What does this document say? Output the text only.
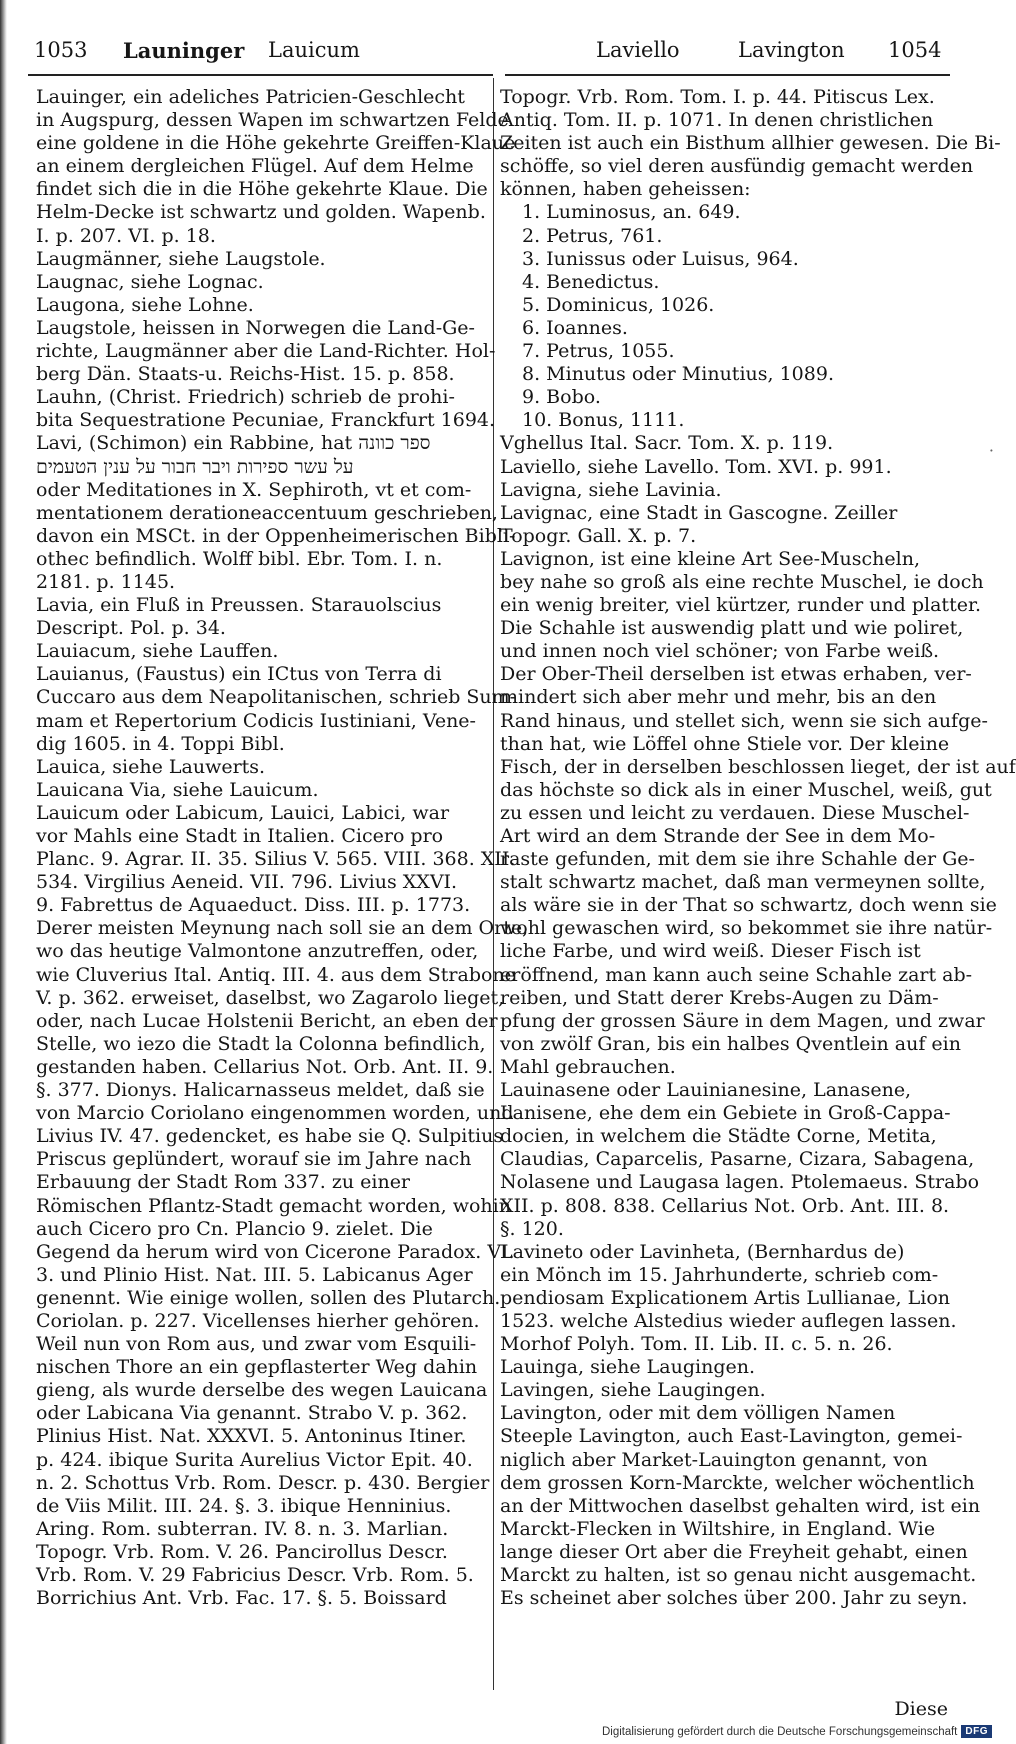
1053 Launinger Lauicum	Laviello	Lavington 1054
Lauinger, ein adeliches Patricien-Geschlecht
in Augspurg, dessen Wapen im schwartzen Felde
eine goldene in die Höhe gekehrte Greiffen-Klaue
an einem dergleichen Flügel. Auf dem Helme
findet sich die in die Höhe gekehrte Klaue. Die
Helm-Decke ist schwartz und golden. Wapenb.
I. p. 207. VI. p. 18.
Laugmänner, siehe Laugstole.
Laugnac, siehe Lognac.
Laugona, siehe Lohne.
Laugstole, heissen in Norwegen die Land-Ge-
richte, Laugmänner aber die Land-Richter. Hol-
berg Dän. Staats-u. Reichs-Hist. 15. p. 858.
Lauhn, (Christ. Friedrich) schrieb de prohi-
bita Sequestratione Pecuniae, Franckfurt 1694.
Lavi, (Schimon) ein Rabbine, hat ספר כוונה
על עשר ספירות ויבר חבור על ענין הטעמים
oder Meditationes in X. Sephiroth, vt et com-
mentationem derationeaccentuum geschrieben,
davon ein MSCt. in der Oppenheimerischen Bibli-
othec befindlich. Wolff bibl. Ebr. Tom. I. n.
2181. p. 1145.
Lavia, ein Fluß in Preussen. Starauolscius
Descript. Pol. p. 34.
Lauiacum, siehe Lauffen.
Lauianus, (Faustus) ein ICtus von Terra di
Cuccaro aus dem Neapolitanischen, schrieb Sum-
mam et Repertorium Codicis Iustiniani, Vene-
dig 1605. in 4. Toppi Bibl.
Lauica, siehe Lauwerts.
Lauicana Via, siehe Lauicum.
Lauicum oder Labicum, Lauici, Labici, war
vor Mahls eine Stadt in Italien. Cicero pro
Planc. 9. Agrar. II. 35. Silius V. 565. VIII. 368. XII.
534. Virgilius Aeneid. VII. 796. Livius XXVI.
9. Fabrettus de Aquaeduct. Diss. III. p. 1773.
Derer meisten Meynung nach soll sie an dem Orte,
wo das heutige Valmontone anzutreffen, oder,
wie Cluverius Ital. Antiq. III. 4. aus dem Strabone
V. p. 362. erweiset, daselbst, wo Zagarolo lieget,
oder, nach Lucae Holstenii Bericht, an eben der
Stelle, wo iezo die Stadt la Colonna befindlich,
gestanden haben. Cellarius Not. Orb. Ant. II. 9.
§. 377. Dionys. Halicarnasseus meldet, daß sie
von Marcio Coriolano eingenommen worden, und
Livius IV. 47. gedencket, es habe sie Q. Sulpitius
Priscus geplündert, worauf sie im Jahre nach
Erbauung der Stadt Rom 337. zu einer
Römischen Pflantz-Stadt gemacht worden, wohin
auch Cicero pro Cn. Plancio 9. zielet. Die
Gegend da herum wird von Cicerone Paradox. VI.
3. und Plinio Hist. Nat. III. 5. Labicanus Ager
genennt. Wie einige wollen, sollen des Plutarch.
Coriolan. p. 227. Vicellenses hierher gehören.
Weil nun von Rom aus, und zwar vom Esquili-
nischen Thore an ein gepflasterter Weg dahin
gieng, als wurde derselbe des wegen Lauicana
oder Labicana Via genannt. Strabo V. p. 362.
Plinius Hist. Nat. XXXVI. 5. Antoninus Itiner.
p. 424. ibique Surita Aurelius Victor Epit. 40.
n. 2. Schottus Vrb. Rom. Descr. p. 430. Bergier
de Viis Milit. III. 24. §. 3. ibique Henninius.
Aring. Rom. subterran. IV. 8. n. 3. Marlian.
Topogr. Vrb. Rom. V. 26. Pancirollus Descr.
Vrb. Rom. V. 29 Fabricius Descr. Vrb. Rom. 5.
Borrichius Ant. Vrb. Fac. 17. §. 5. Boissard
Topogr. Vrb. Rom. Tom. I. p. 44. Pitiscus Lex.
Antiq. Tom. II. p. 1071. In denen christlichen
Zeiten ist auch ein Bisthum allhier gewesen. Die Bi-
schöffe, so viel deren ausfündig gemacht werden
können, haben geheissen:
1. Luminosus, an. 649.
2. Petrus, 761.
3. Iunissus oder Luisus, 964.
4. Benedictus.
5. Dominicus, 1026.
6. Ioannes.
7. Petrus, 1055.
8. Minutus oder Minutius, 1089.
9. Bobo.
10. Bonus, 1111.
Vghellus Ital. Sacr. Tom. X. p. 119.
Laviello, siehe Lavello. Tom. XVI. p. 991.
Lavigna, siehe Lavinia.
Lavignac, eine Stadt in Gascogne. Zeiller
Topogr. Gall. X. p. 7.
Lavignon, ist eine kleine Art See-Muscheln,
bey nahe so groß als eine rechte Muschel, ie doch
ein wenig breiter, viel kürtzer, runder und platter.
Die Schahle ist auswendig platt und wie poliret,
und innen noch viel schöner; von Farbe weiß.
Der Ober-Theil derselben ist etwas erhaben, ver-
mindert sich aber mehr und mehr, bis an den
Rand hinaus, und stellet sich, wenn sie sich aufge-
than hat, wie Löffel ohne Stiele vor. Der kleine
Fisch, der in derselben beschlossen lieget, der ist auf
das höchste so dick als in einer Muschel, weiß, gut
zu essen und leicht zu verdauen. Diese Muschel-
Art wird an dem Strande der See in dem Mo-
raste gefunden, mit dem sie ihre Schahle der Ge-
stalt schwartz machet, daß man vermeynen sollte,
als wäre sie in der That so schwartz, doch wenn sie
wohl gewaschen wird, so bekommet sie ihre natür-
liche Farbe, und wird weiß. Dieser Fisch ist
eröffnend, man kann auch seine Schahle zart ab-
reiben, und Statt derer Krebs-Augen zu Däm-
pfung der grossen Säure in dem Magen, und zwar
von zwölf Gran, bis ein halbes Qventlein auf ein
Mahl gebrauchen.
Lauinasene oder Lauinianesine, Lanasene,
Lanisene, ehe dem ein Gebiete in Groß-Cappa-
docien, in welchem die Städte Corne, Metita,
Claudias, Caparcelis, Pasarne, Cizara, Sabagena,
Nolasene und Laugasa lagen. Ptolemaeus. Strabo
XII. p. 808. 838. Cellarius Not. Orb. Ant. III. 8.
§. 120.
Lavineto oder Lavinheta, (Bernhardus de)
ein Mönch im 15. Jahrhunderte, schrieb com-
pendiosam Explicationem Artis Lullianae, Lion
1523. welche Alstedius wieder auflegen lassen.
Morhof Polyh. Tom. II. Lib. II. c. 5. n. 26.
Lauinga, siehe Laugingen.
Lavingen, siehe Laugingen.
Lavington, oder mit dem völligen Namen
Steeple Lavington, auch East-Lavington, gemei-
niglich aber Market-Lauington genannt, von
dem grossen Korn-Marckte, welcher wöchentlich
an der Mittwochen daselbst gehalten wird, ist ein
Marckt-Flecken in Wiltshire, in England. Wie
lange dieser Ort aber die Freyheit gehabt, einen
Marckt zu halten, ist so genau nicht ausgemacht.
Es scheinet aber solches über 200. Jahr zu seyn.
·
Diese
Digitalisierung gefördert durch die Deutsche Forschungsgemeinschaft DFG
